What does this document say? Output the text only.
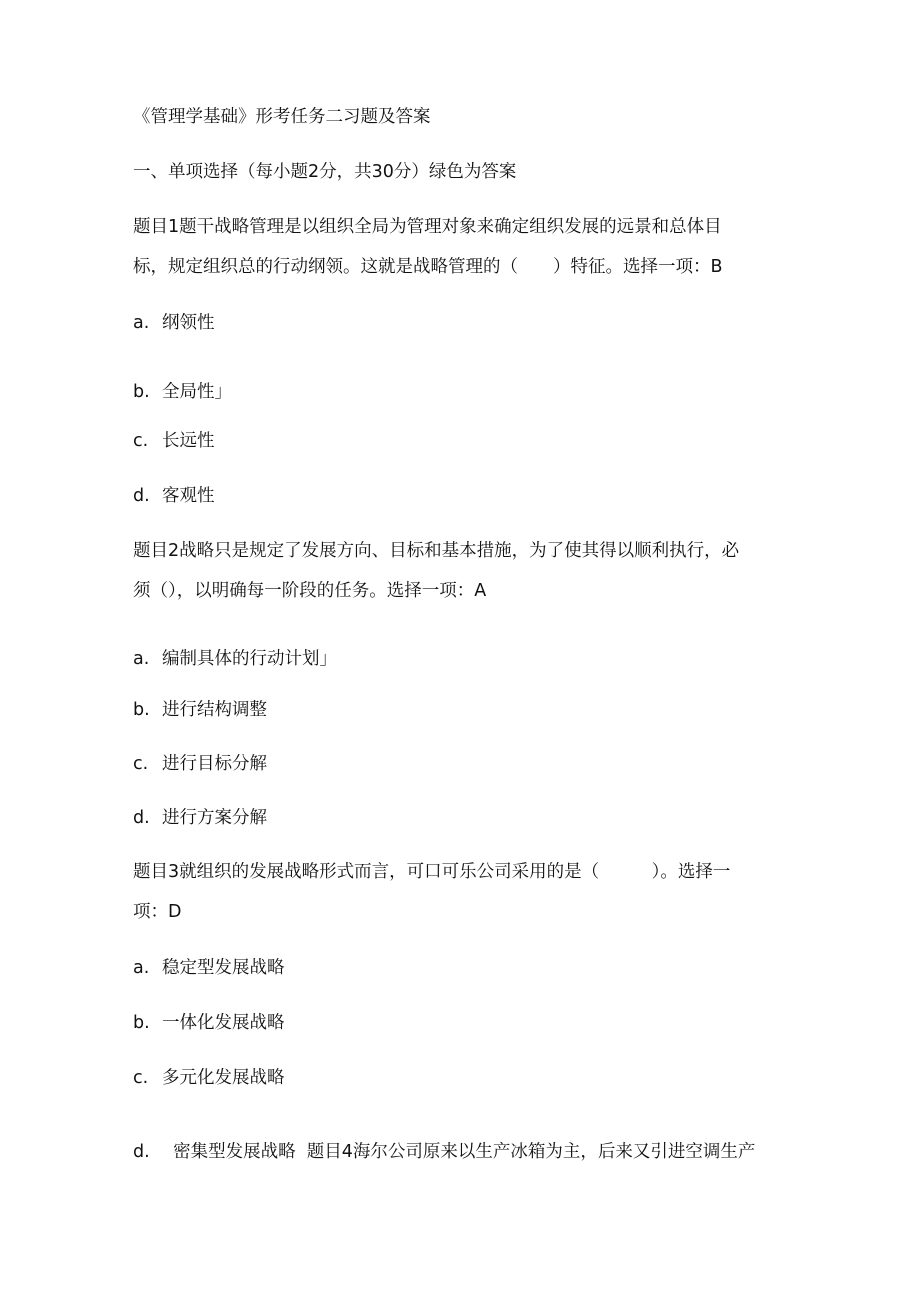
《管理学基础》形考任务二习题及答案
一、单项选择（每小题2分，共30分）绿色为答案
题目1题干战略管理是以组织全局为管理对象来确定组织发展的远景和总体目
标，规定组织总的行动纲领。这就是战略管理的（　　）特征。选择一项：B
a. 纲领性
b. 全局性」
c. 长远性
d. 客观性
题目2战略只是规定了发展方向、目标和基本措施，为了使其得以顺利执行，必
须（），以明确每一阶段的任务。选择一项：A
a. 编制具体的行动计划」
b. 进行结构调整
c. 进行目标分解
d. 进行方案分解
题目3就组织的发展战略形式而言，可口可乐公司采用的是（　　　）。选择一
项：D
a. 稳定型发展战略
b. 一体化发展战略
c. 多元化发展战略
d.  密集型发展战略  题目4海尔公司原来以生产冰箱为主，后来又引进空调生产
